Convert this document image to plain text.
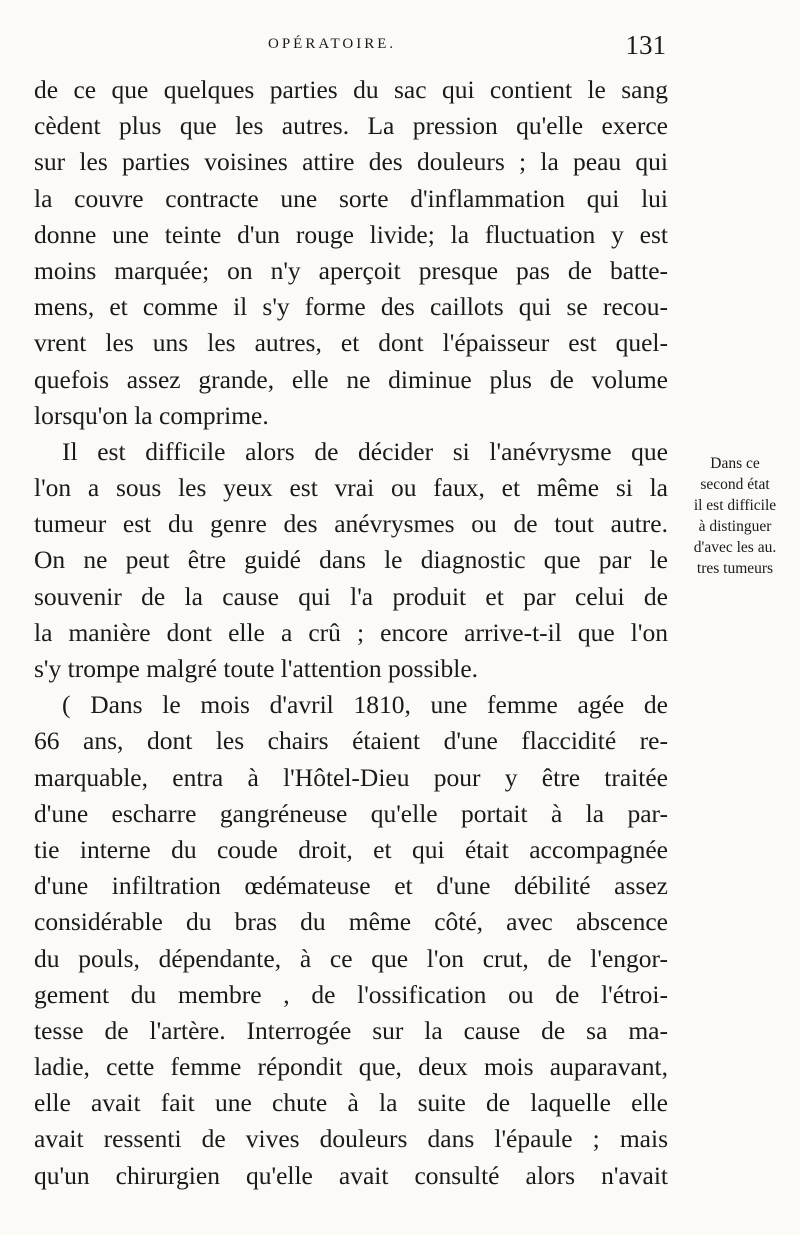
OPÉRATOIRE.	131
de ce que quelques parties du sac qui contient le sang
cèdent plus que les autres. La pression qu'elle exerce
sur les parties voisines attire des douleurs ; la peau qui
la couvre contracte une sorte d'inflammation qui lui
donne une teinte d'un rouge livide; la fluctuation y est
moins marquée; on n'y aperçoit presque pas de batte-
mens, et comme il s'y forme des caillots qui se recou-
vrent les uns les autres, et dont l'épaisseur est quel-
quefois assez grande, elle ne diminue plus de volume
lorsqu'on la comprime.
Il est difficile alors de décider si l'anévrysme que
l'on a sous les yeux est vrai ou faux, et même si la
tumeur est du genre des anévrysmes ou de tout autre.
On ne peut être guidé dans le diagnostic que par le
souvenir de la cause qui l'a produit et par celui de
la manière dont elle a crû ; encore arrive-t-il que l'on
s'y trompe malgré toute l'attention possible.
( Dans le mois d'avril 1810, une femme agée de
66 ans, dont les chairs étaient d'une flaccidité re-
marquable, entra à l'Hôtel-Dieu pour y être traitée
d'une escharre gangréneuse qu'elle portait à la par-
tie interne du coude droit, et qui était accompagnée
d'une infiltration œdémateuse et d'une débilité assez
considérable du bras du même côté, avec abscence
du pouls, dépendante, à ce que l'on crut, de l'engor-
gement du membre , de l'ossification ou de l'étroi-
tesse de l'artère. Interrogée sur la cause de sa ma-
ladie, cette femme répondit que, deux mois auparavant,
elle avait fait une chute à la suite de laquelle elle
avait ressenti de vives douleurs dans l'épaule ; mais
qu'un chirurgien qu'elle avait consulté alors n'avait
Dans ce
second état
il est difficile
à distinguer
d'avec les au.
tres tumeurs
